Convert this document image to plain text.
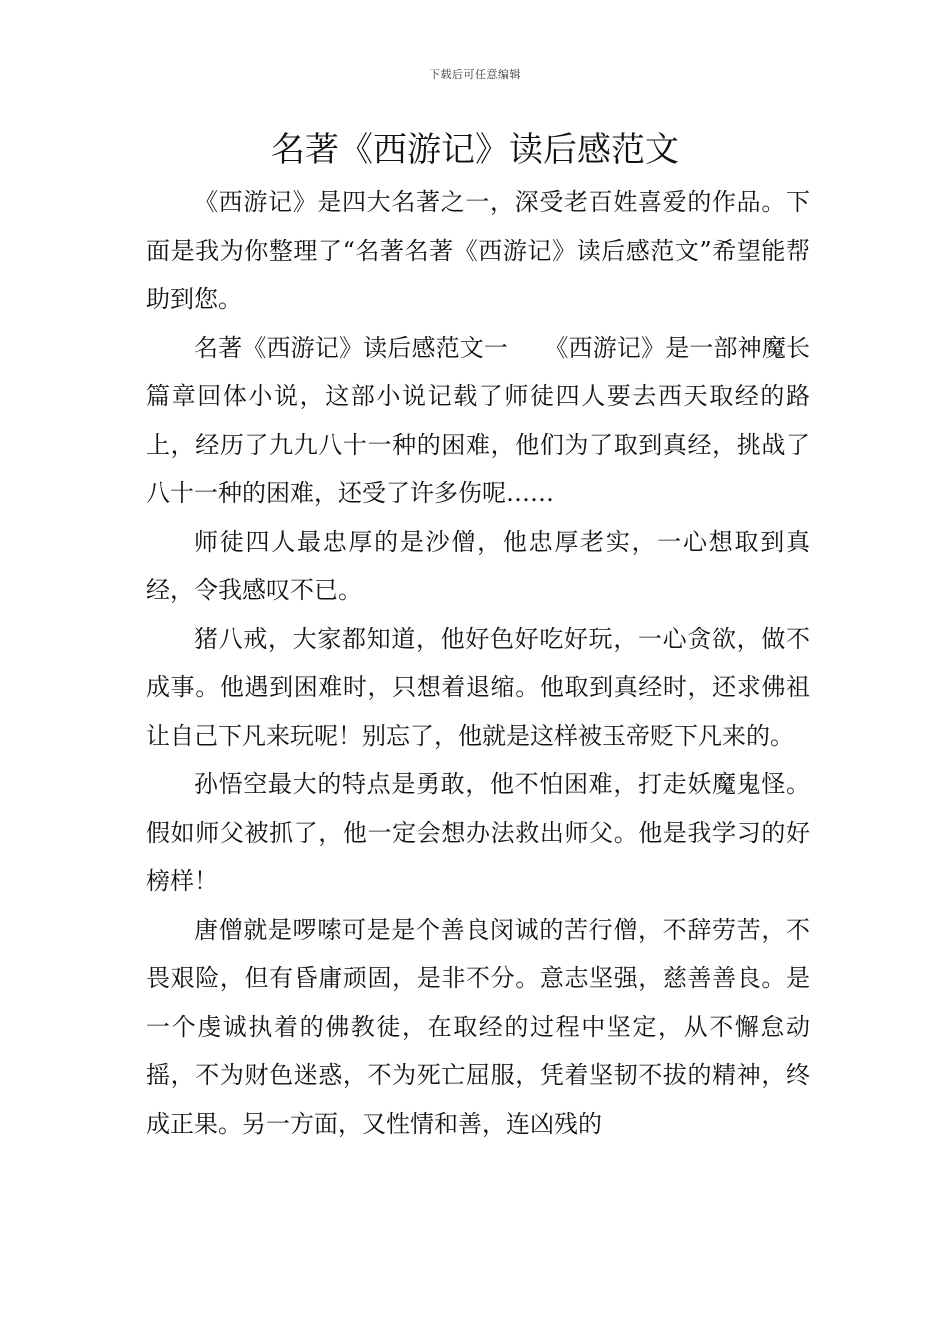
下载后可任意编辑
名著《西游记》读后感范文

《西游记》是四大名著之一，深受老百姓喜爱的作品。下面是我为你整理了“名著名著《西游记》读后感范文”希望能帮助到您。

名著《西游记》读后感范文一　　《西游记》是一部神魔长篇章回体小说，这部小说记载了师徒四人要去西天取经的路上，经历了九九八十一种的困难，他们为了取到真经，挑战了八十一种的困难，还受了许多伤呢……

师徒四人最忠厚的是沙僧，他忠厚老实，一心想取到真经，令我感叹不已。

猪八戒，大家都知道，他好色好吃好玩，一心贪欲，做不成事。他遇到困难时，只想着退缩。他取到真经时，还求佛祖让自己下凡来玩呢！别忘了，他就是这样被玉帝贬下凡来的。

孙悟空最大的特点是勇敢，他不怕困难，打走妖魔鬼怪。假如师父被抓了，他一定会想办法救出师父。他是我学习的好榜样！

唐僧就是啰嗦可是是个善良闵诚的苦行僧，不辞劳苦，不畏艰险，但有昏庸顽固，是非不分。意志坚强，慈善善良。是一个虔诚执着的佛教徒，在取经的过程中坚定，从不懈怠动摇，不为财色迷惑，不为死亡屈服，凭着坚韧不拔的精神，终成正果。另一方面，又性情和善，连凶残的
